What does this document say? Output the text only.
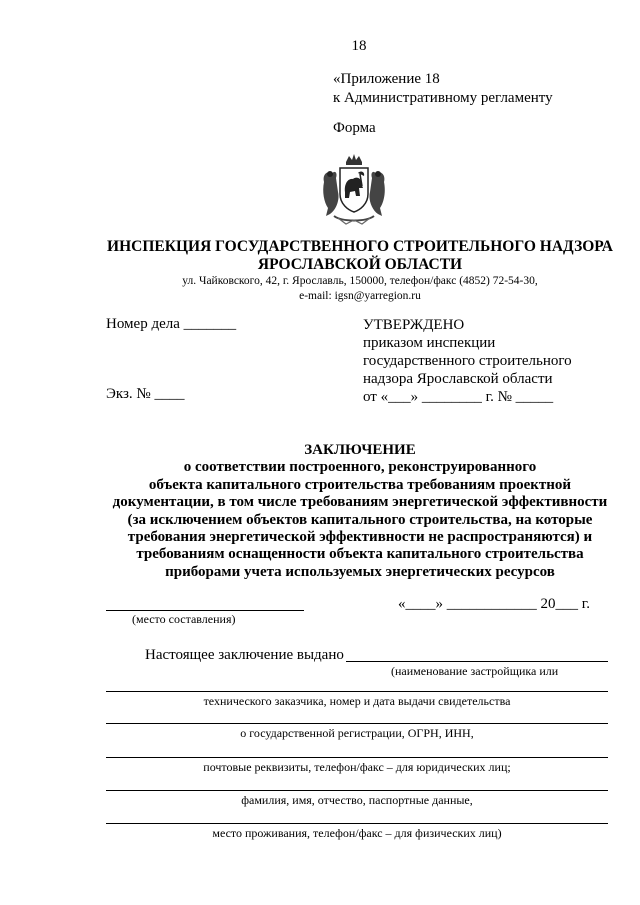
18
«Приложение 18
к Административному регламенту
Форма
ИНСПЕКЦИЯ ГОСУДАРСТВЕННОГО СТРОИТЕЛЬНОГО НАДЗОРА
ЯРОСЛАВСКОЙ ОБЛАСТИ
ул. Чайковского, 42, г. Ярославль, 150000, телефон/факс (4852) 72-54-30,
e-mail: igsn@yarregion.ru
Номер дела _______
Экз. № ____
УТВЕРЖДЕНО
приказом инспекции
государственного строительного
надзора Ярославской области
от «___» ________ г. № _____
ЗАКЛЮЧЕНИЕ
о соответствии построенного, реконструированного
объекта капитального строительства требованиям проектной
документации, в том числе требованиям энергетической эффективности
(за исключением объектов капитального строительства, на которые
требования энергетической эффективности не распространяются) и
требованиям оснащенности объекта капитального строительства
приборами учета используемых энергетических ресурсов
(место составления)
«____» ____________ 20___ г.
Настоящее заключение выдано
(наименование застройщика или
технического заказчика, номер и дата выдачи свидетельства
о государственной регистрации, ОГРН, ИНН,
почтовые реквизиты, телефон/факс – для юридических лиц;
фамилия, имя, отчество, паспортные данные,
место проживания, телефон/факс – для физических лиц)
